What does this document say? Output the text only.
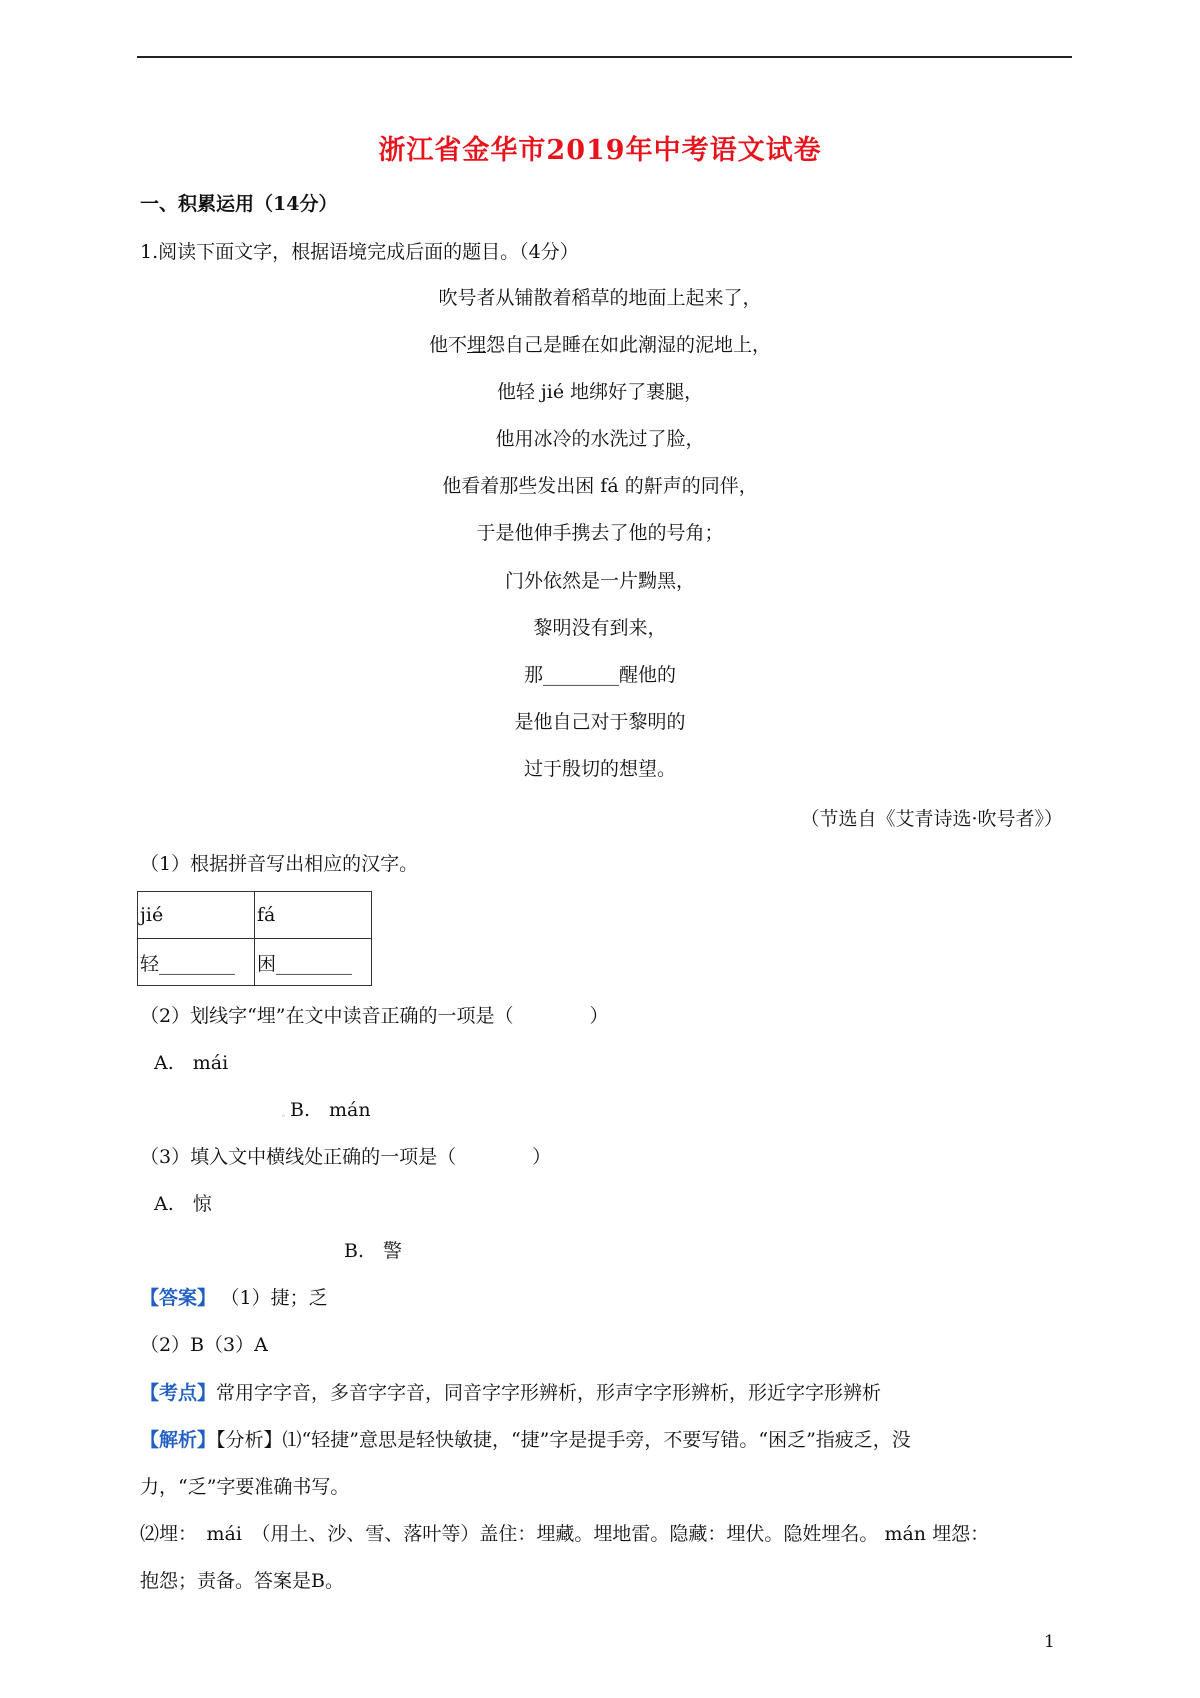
浙江省金华市2019年中考语文试卷
一、积累运用（14分）
1.阅读下面文字，根据语境完成后面的题目。（4分）
吹号者从铺散着稻草的地面上起来了，
他不埋怨自己是睡在如此潮湿的泥地上，
他轻 jié 地绑好了裹腿，
他用冰冷的水洗过了脸，
他看着那些发出困 fá 的鼾声的同伴，
于是他伸手携去了他的号角；
门外依然是一片黝黑，
黎明没有到来，
那________醒他的
是他自己对于黎明的
过于殷切的想望。
（节选自《艾青诗选·吹号者》）
（1）根据拼音写出相应的汉字。
jié	fá
轻________	困________
（2）划线字“埋”在文中读音正确的一项是（　　　　）
A.　mái
。B.　mán
（3）填入文中横线处正确的一项是（　　　　）
A.　惊
B.　警
【答案】 （1）捷；乏
（2）B（3）A
【考点】常用字字音，多音字字音，同音字字形辨析，形声字字形辨析，形近字字形辨析
【解析】【分析】⑴“轻捷”意思是轻快敏捷，“捷”字是提手旁，不要写错。“困乏”指疲乏，没
力，“乏”字要准确书写。
⑵埋：　mái　（用土、沙、雪、落叶等）盖住：埋藏。埋地雷。隐藏：埋伏。隐姓埋名。 mán 埋怨：
抱怨；责备。答案是B。
1
